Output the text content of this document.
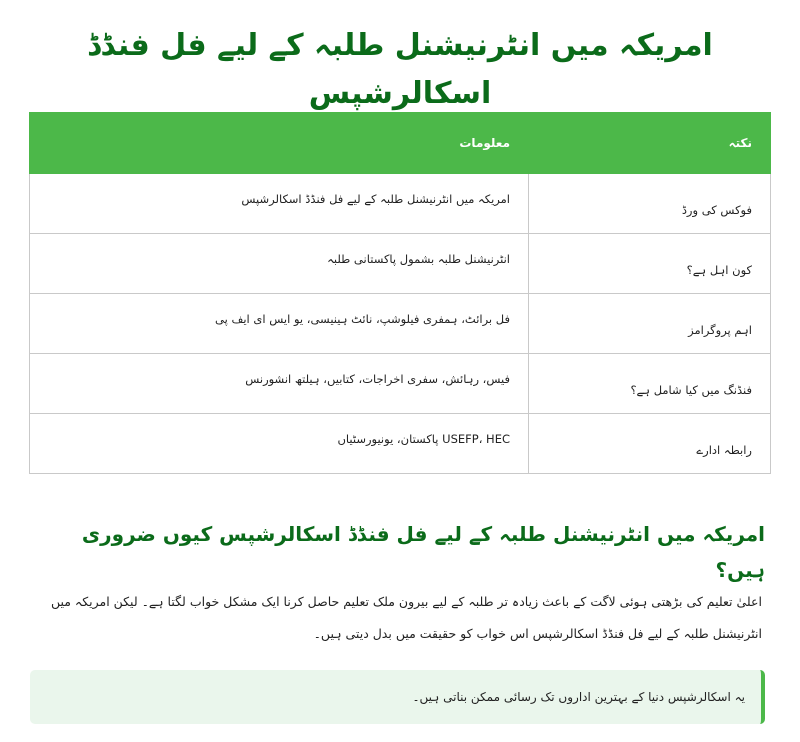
امریکہ میں انٹرنیشنل طلبہ کے لیے فل فنڈڈ اسکالرشپس
نکتہ	معلومات
فوکس کی ورڈ	امریکہ میں انٹرنیشنل طلبہ کے لیے فل فنڈڈ اسکالرشپس
کون اہل ہے؟	انٹرنیشنل طلبہ بشمول پاکستانی طلبہ
اہم پروگرامز	فل برائٹ، ہمفری فیلوشپ، نائٹ ہینیسی، یو ایس ای ایف پی
فنڈنگ میں کیا شامل ہے؟	فیس، رہائش، سفری اخراجات، کتابیں، ہیلتھ انشورنس
رابطہ ادارے	USEFP، HEC پاکستان، یونیورسٹیاں
امریکہ میں انٹرنیشنل طلبہ کے لیے فل فنڈڈ اسکالرشپس کیوں ضروری ہیں؟

اعلیٰ تعلیم کی بڑھتی ہوئی لاگت کے باعث زیادہ تر طلبہ کے لیے بیرون ملک تعلیم حاصل کرنا ایک مشکل خواب لگتا ہے۔ لیکن امریکہ میں انٹرنیشنل طلبہ کے لیے فل فنڈڈ اسکالرشپس اس خواب کو حقیقت میں بدل دیتی ہیں۔

یہ اسکالرشپس دنیا کے بہترین اداروں تک رسائی ممکن بناتی ہیں۔
